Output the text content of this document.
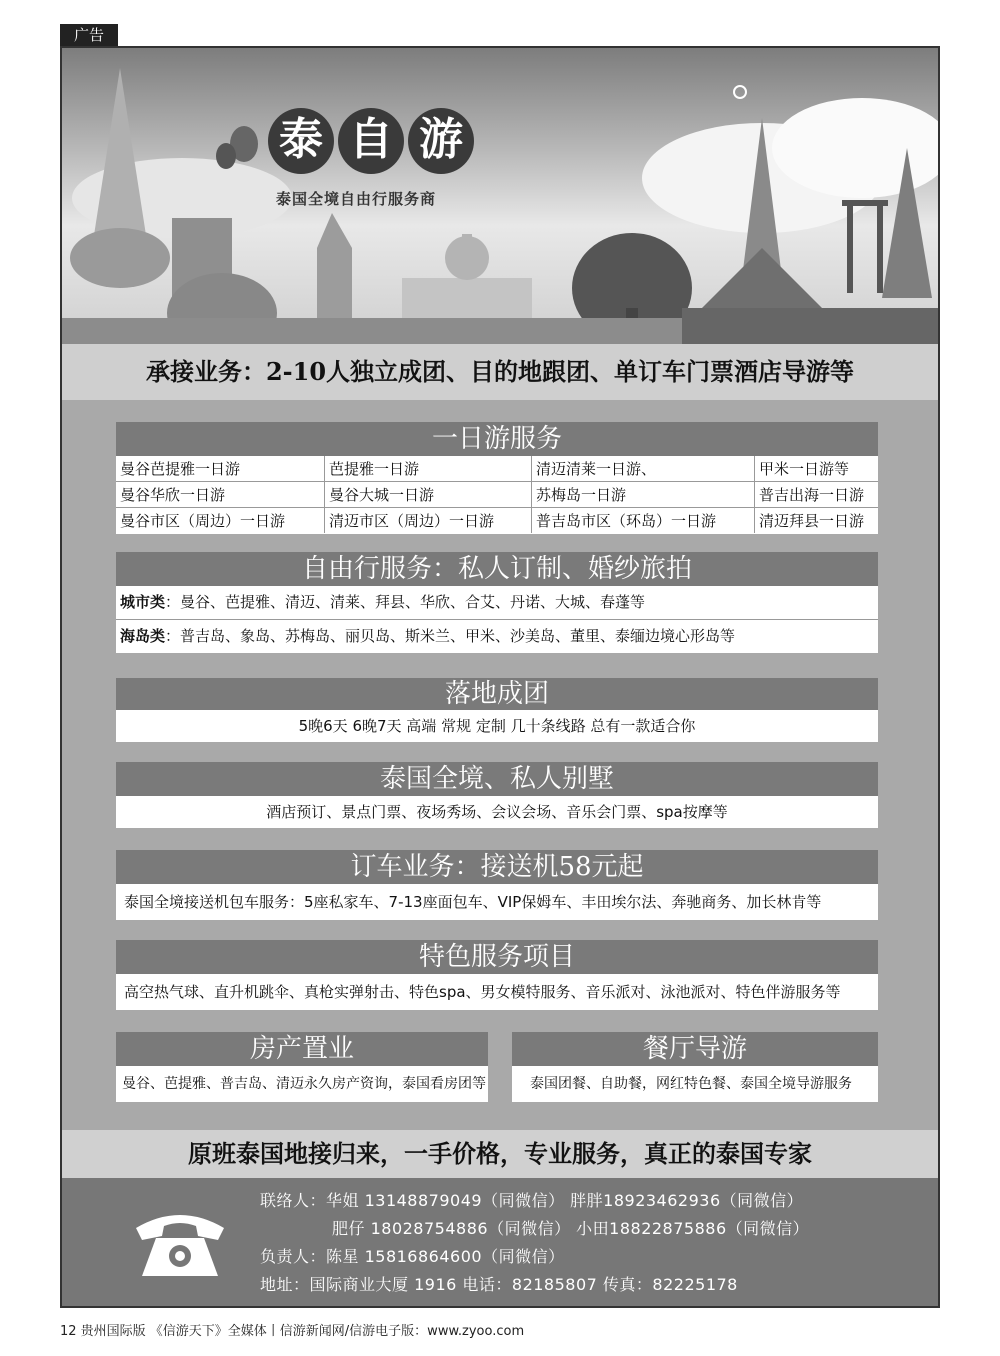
广告
泰 自 游
泰国全境自由行服务商
承接业务：2-10人独立成团、目的地跟团、单订车门票酒店导游等
一日游服务
曼谷芭提雅一日游	芭提雅一日游	清迈清莱一日游、	甲米一日游等
曼谷华欣一日游	曼谷大城一日游	苏梅岛一日游	普吉出海一日游
曼谷市区（周边）一日游	清迈市区（周边）一日游	普吉岛市区（环岛）一日游	清迈拜县一日游
自由行服务：私人订制、婚纱旅拍
城市类：曼谷、芭提雅、清迈、清莱、拜县、华欣、合艾、丹诺、大城、春蓬等
海岛类：普吉岛、象岛、苏梅岛、丽贝岛、斯米兰、甲米、沙美岛、董里、泰缅边境心形岛等
落地成团
5晚6天 6晚7天 高端 常规 定制 几十条线路 总有一款适合你
泰国全境、私人别墅
酒店预订、景点门票、夜场秀场、会议会场、音乐会门票、spa按摩等
订车业务：接送机58元起
泰国全境接送机包车服务：5座私家车、7-13座面包车、VIP保姆车、丰田埃尔法、奔驰商务、加长林肯等
特色服务项目
高空热气球、直升机跳伞、真枪实弹射击、特色spa、男女模特服务、音乐派对、泳池派对、特色伴游服务等
房产置业
曼谷、芭提雅、普吉岛、清迈永久房产资询，泰国看房团等
餐厅导游
泰国团餐、自助餐，网红特色餐、泰国全境导游服务
原班泰国地接归来，一手价格，专业服务，真正的泰国专家
联络人：华姐 13148879049（同微信） 胖胖18923462936（同微信）
肥仔 18028754886（同微信） 小田18822875886（同微信）
负责人：陈星 15816864600（同微信）
地址：国际商业大厦 1916 电话：82185807 传真：82225178
12 贵州国际版 《信游天下》全媒体丨信游新闻网/信游电子版：www.zyoo.com
